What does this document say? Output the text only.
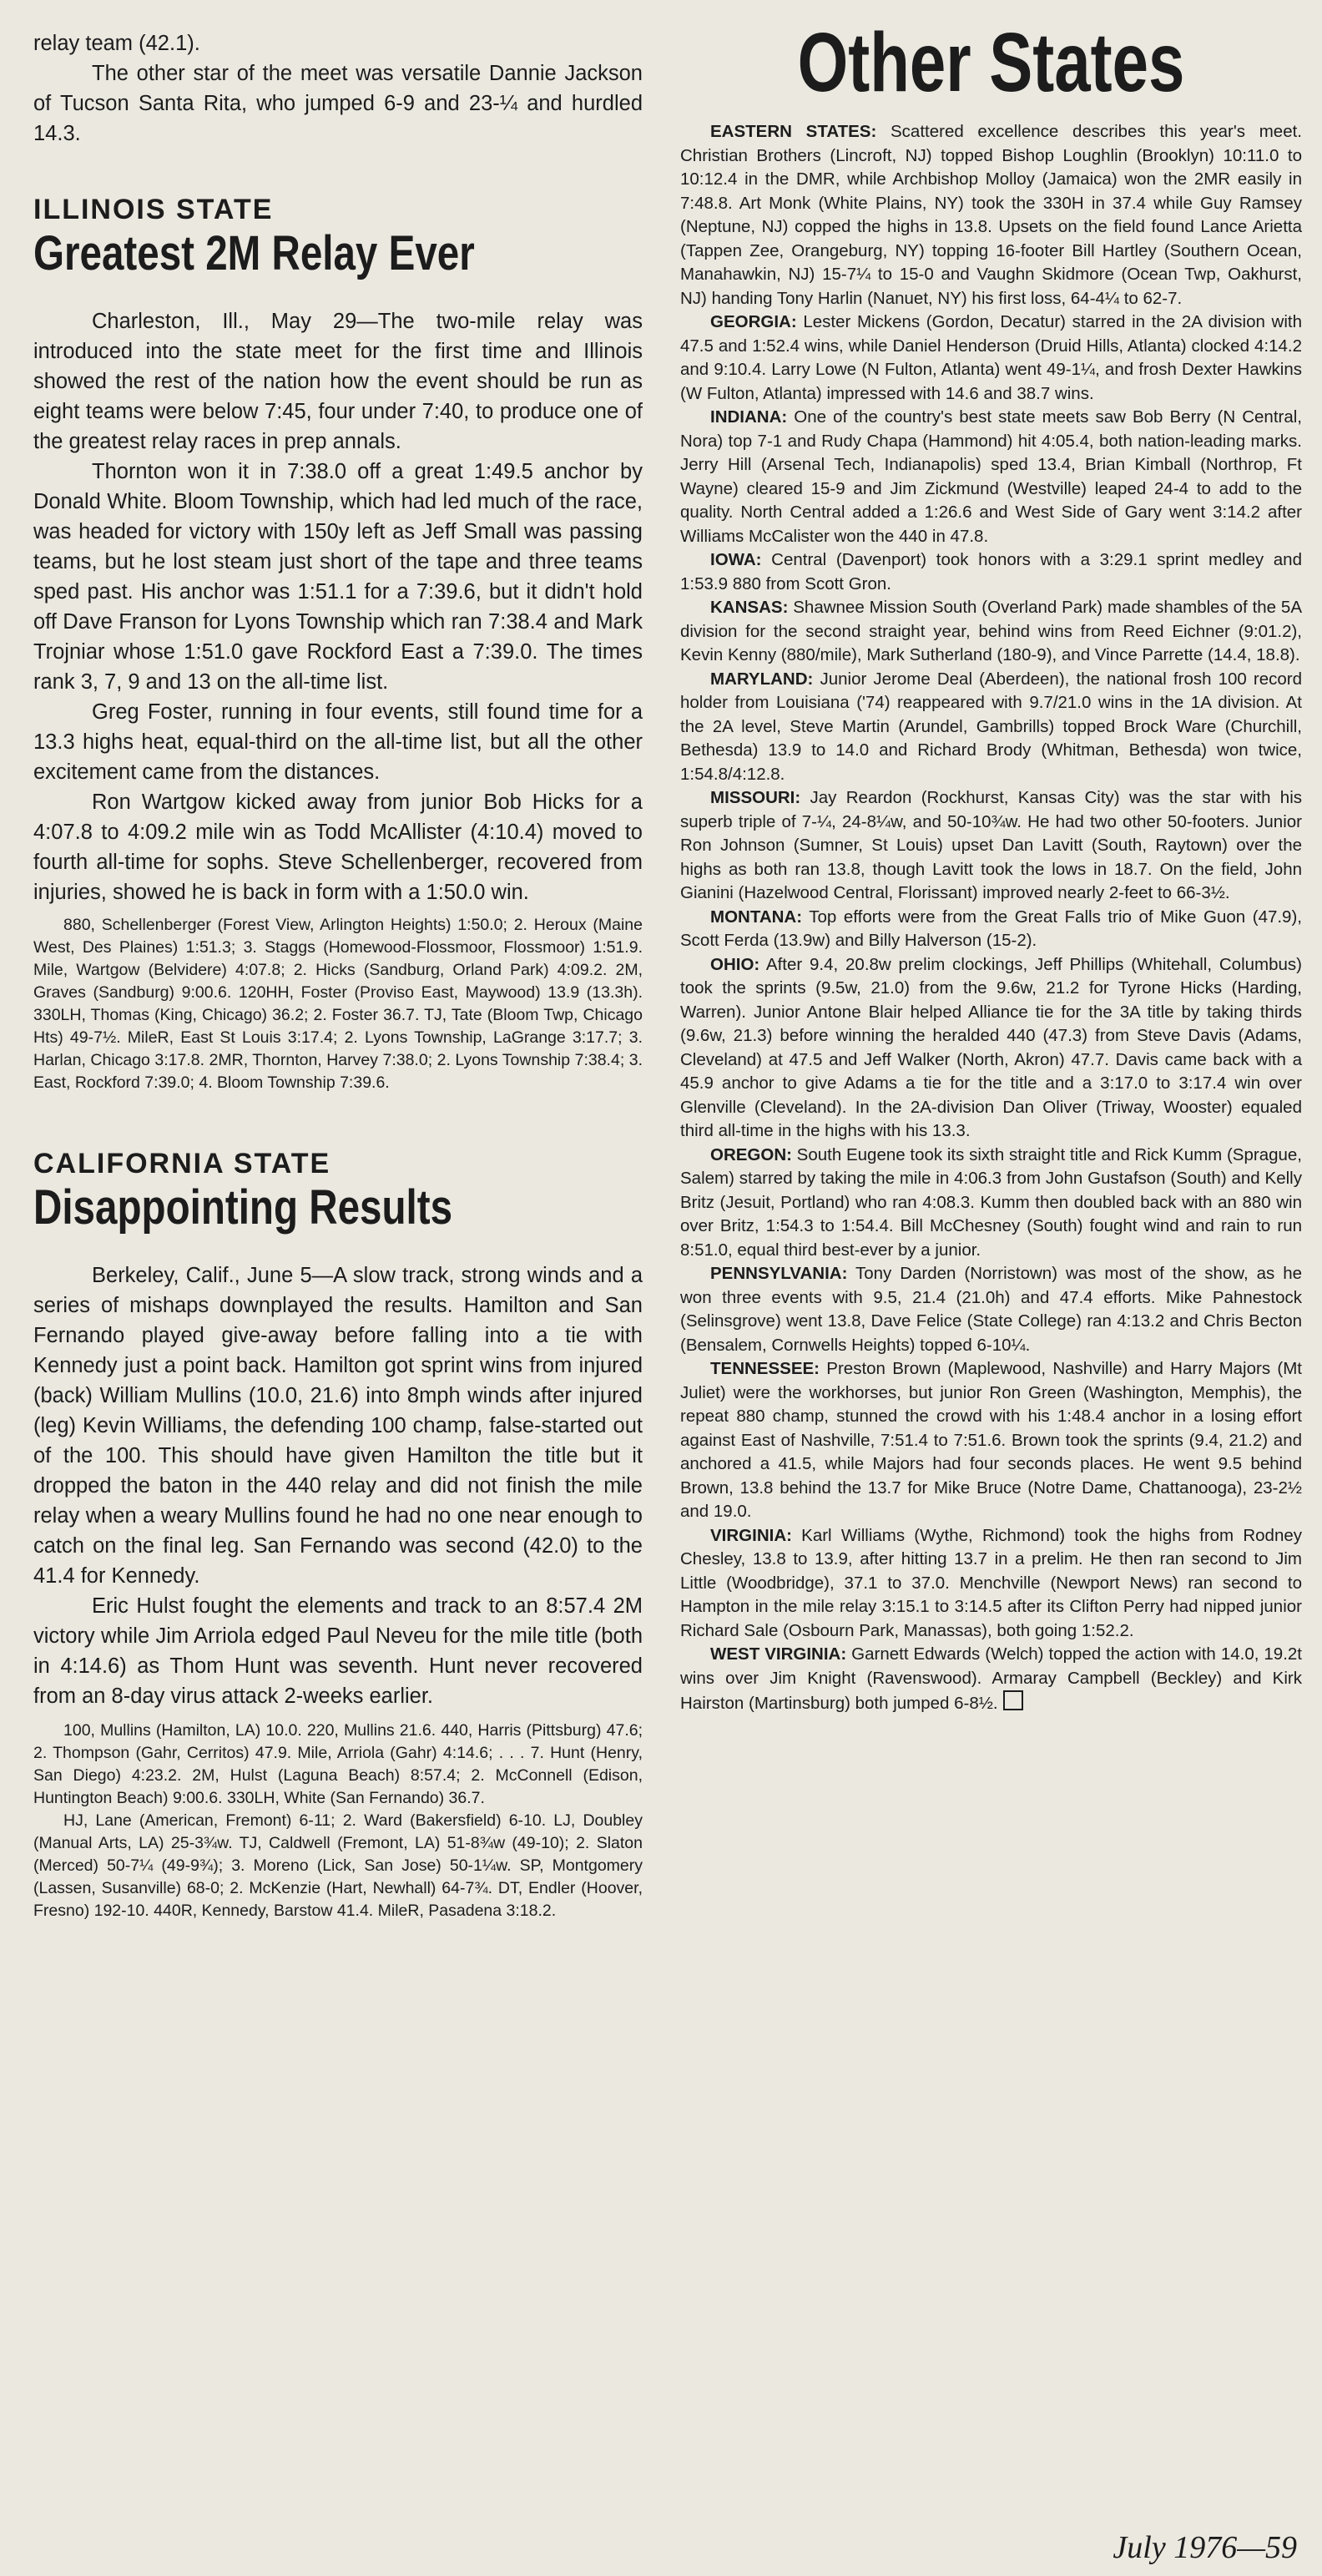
relay team (42.1).

The other star of the meet was versatile Dannie Jackson of Tucson Santa Rita, who jumped 6-9 and 23-¼ and hurdled 14.3.

ILLINOIS STATE

Greatest 2M Relay Ever

Charleston, Ill., May 29—The two-mile relay was introduced into the state meet for the first time and Illinois showed the rest of the nation how the event should be run as eight teams were below 7:45, four under 7:40, to produce one of the greatest relay races in prep annals.

Thornton won it in 7:38.0 off a great 1:49.5 anchor by Donald White. Bloom Township, which had led much of the race, was headed for victory with 150y left as Jeff Small was passing teams, but he lost steam just short of the tape and three teams sped past. His anchor was 1:51.1 for a 7:39.6, but it didn't hold off Dave Franson for Lyons Township which ran 7:38.4 and Mark Trojniar whose 1:51.0 gave Rockford East a 7:39.0. The times rank 3, 7, 9 and 13 on the all-time list.

Greg Foster, running in four events, still found time for a 13.3 highs heat, equal-third on the all-time list, but all the other excitement came from the distances.

Ron Wartgow kicked away from junior Bob Hicks for a 4:07.8 to 4:09.2 mile win as Todd McAllister (4:10.4) moved to fourth all-time for sophs. Steve Schellenberger, recovered from injuries, showed he is back in form with a 1:50.0 win.

880, Schellenberger (Forest View, Arlington Heights) 1:50.0; 2. Heroux (Maine West, Des Plaines) 1:51.3; 3. Staggs (Homewood-Flossmoor, Flossmoor) 1:51.9. Mile, Wartgow (Belvidere) 4:07.8; 2. Hicks (Sandburg, Orland Park) 4:09.2. 2M, Graves (Sandburg) 9:00.6. 120HH, Foster (Proviso East, Maywood) 13.9 (13.3h). 330LH, Thomas (King, Chicago) 36.2; 2. Foster 36.7. TJ, Tate (Bloom Twp, Chicago Hts) 49-7½. MileR, East St Louis 3:17.4; 2. Lyons Township, LaGrange 3:17.7; 3. Harlan, Chicago 3:17.8. 2MR, Thornton, Harvey 7:38.0; 2. Lyons Township 7:38.4; 3. East, Rockford 7:39.0; 4. Bloom Township 7:39.6.

CALIFORNIA STATE

Disappointing Results

Berkeley, Calif., June 5—A slow track, strong winds and a series of mishaps downplayed the results. Hamilton and San Fernando played give-away before falling into a tie with Kennedy just a point back. Hamilton got sprint wins from injured (back) William Mullins (10.0, 21.6) into 8mph winds after injured (leg) Kevin Williams, the defending 100 champ, false-started out of the 100. This should have given Hamilton the title but it dropped the baton in the 440 relay and did not finish the mile relay when a weary Mullins found he had no one near enough to catch on the final leg. San Fernando was second (42.0) to the 41.4 for Kennedy.

Eric Hulst fought the elements and track to an 8:57.4 2M victory while Jim Arriola edged Paul Neveu for the mile title (both in 4:14.6) as Thom Hunt was seventh. Hunt never recovered from an 8-day virus attack 2-weeks earlier.

100, Mullins (Hamilton, LA) 10.0. 220, Mullins 21.6. 440, Harris (Pittsburg) 47.6; 2. Thompson (Gahr, Cerritos) 47.9. Mile, Arriola (Gahr) 4:14.6; . . . 7. Hunt (Henry, San Diego) 4:23.2. 2M, Hulst (Laguna Beach) 8:57.4; 2. McConnell (Edison, Huntington Beach) 9:00.6. 330LH, White (San Fernando) 36.7.

HJ, Lane (American, Fremont) 6-11; 2. Ward (Bakersfield) 6-10. LJ, Doubley (Manual Arts, LA) 25-3¾w. TJ, Caldwell (Fremont, LA) 51-8¾w (49-10); 2. Slaton (Merced) 50-7¼ (49-9¾); 3. Moreno (Lick, San Jose) 50-1¼w. SP, Montgomery (Lassen, Susanville) 68-0; 2. McKenzie (Hart, Newhall) 64-7¾. DT, Endler (Hoover, Fresno) 192-10. 440R, Kennedy, Barstow 41.4. MileR, Pasadena 3:18.2.

Other States

EASTERN STATES: Scattered excellence describes this year's meet. Christian Brothers (Lincroft, NJ) topped Bishop Loughlin (Brooklyn) 10:11.0 to 10:12.4 in the DMR, while Archbishop Molloy (Jamaica) won the 2MR easily in 7:48.8. Art Monk (White Plains, NY) took the 330H in 37.4 while Guy Ramsey (Neptune, NJ) copped the highs in 13.8. Upsets on the field found Lance Arietta (Tappen Zee, Orangeburg, NY) topping 16-footer Bill Hartley (Southern Ocean, Manahawkin, NJ) 15-7¼ to 15-0 and Vaughn Skidmore (Ocean Twp, Oakhurst, NJ) handing Tony Harlin (Nanuet, NY) his first loss, 64-4¼ to 62-7.

GEORGIA: Lester Mickens (Gordon, Decatur) starred in the 2A division with 47.5 and 1:52.4 wins, while Daniel Henderson (Druid Hills, Atlanta) clocked 4:14.2 and 9:10.4. Larry Lowe (N Fulton, Atlanta) went 49-1¼, and frosh Dexter Hawkins (W Fulton, Atlanta) impressed with 14.6 and 38.7 wins.

INDIANA: One of the country's best state meets saw Bob Berry (N Central, Nora) top 7-1 and Rudy Chapa (Hammond) hit 4:05.4, both nation-leading marks. Jerry Hill (Arsenal Tech, Indianapolis) sped 13.4, Brian Kimball (Northrop, Ft Wayne) cleared 15-9 and Jim Zickmund (Westville) leaped 24-4 to add to the quality. North Central added a 1:26.6 and West Side of Gary went 3:14.2 after Williams McCalister won the 440 in 47.8.

IOWA: Central (Davenport) took honors with a 3:29.1 sprint medley and 1:53.9 880 from Scott Gron.

KANSAS: Shawnee Mission South (Overland Park) made shambles of the 5A division for the second straight year, behind wins from Reed Eichner (9:01.2), Kevin Kenny (880/mile), Mark Sutherland (180-9), and Vince Parrette (14.4, 18.8).

MARYLAND: Junior Jerome Deal (Aberdeen), the national frosh 100 record holder from Louisiana ('74) reappeared with 9.7/21.0 wins in the 1A division. At the 2A level, Steve Martin (Arundel, Gambrills) topped Brock Ware (Churchill, Bethesda) 13.9 to 14.0 and Richard Brody (Whitman, Bethesda) won twice, 1:54.8/4:12.8.

MISSOURI: Jay Reardon (Rockhurst, Kansas City) was the star with his superb triple of 7-¼, 24-8¼w, and 50-10¾w. He had two other 50-footers. Junior Ron Johnson (Sumner, St Louis) upset Dan Lavitt (South, Raytown) over the highs as both ran 13.8, though Lavitt took the lows in 18.7. On the field, John Gianini (Hazelwood Central, Florissant) improved nearly 2-feet to 66-3½.

MONTANA: Top efforts were from the Great Falls trio of Mike Guon (47.9), Scott Ferda (13.9w) and Billy Halverson (15-2).

OHIO: After 9.4, 20.8w prelim clockings, Jeff Phillips (Whitehall, Columbus) took the sprints (9.5w, 21.0) from the 9.6w, 21.2 for Tyrone Hicks (Harding, Warren). Junior Antone Blair helped Alliance tie for the 3A title by taking thirds (9.6w, 21.3) before winning the heralded 440 (47.3) from Steve Davis (Adams, Cleveland) at 47.5 and Jeff Walker (North, Akron) 47.7. Davis came back with a 45.9 anchor to give Adams a tie for the title and a 3:17.0 to 3:17.4 win over Glenville (Cleveland). In the 2A-division Dan Oliver (Triway, Wooster) equaled third all-time in the highs with his 13.3.

OREGON: South Eugene took its sixth straight title and Rick Kumm (Sprague, Salem) starred by taking the mile in 4:06.3 from John Gustafson (South) and Kelly Britz (Jesuit, Portland) who ran 4:08.3. Kumm then doubled back with an 880 win over Britz, 1:54.3 to 1:54.4. Bill McChesney (South) fought wind and rain to run 8:51.0, equal third best-ever by a junior.

PENNSYLVANIA: Tony Darden (Norristown) was most of the show, as he won three events with 9.5, 21.4 (21.0h) and 47.4 efforts. Mike Pahnestock (Selinsgrove) went 13.8, Dave Felice (State College) ran 4:13.2 and Chris Becton (Bensalem, Cornwells Heights) topped 6-10¼.

TENNESSEE: Preston Brown (Maplewood, Nashville) and Harry Majors (Mt Juliet) were the workhorses, but junior Ron Green (Washington, Memphis), the repeat 880 champ, stunned the crowd with his 1:48.4 anchor in a losing effort against East of Nashville, 7:51.4 to 7:51.6. Brown took the sprints (9.4, 21.2) and anchored a 41.5, while Majors had four seconds places. He went 9.5 behind Brown, 13.8 behind the 13.7 for Mike Bruce (Notre Dame, Chattanooga), 23-2½ and 19.0.

VIRGINIA: Karl Williams (Wythe, Richmond) took the highs from Rodney Chesley, 13.8 to 13.9, after hitting 13.7 in a prelim. He then ran second to Jim Little (Woodbridge), 37.1 to 37.0. Menchville (Newport News) ran second to Hampton in the mile relay 3:15.1 to 3:14.5 after its Clifton Perry had nipped junior Richard Sale (Osbourn Park, Manassas), both going 1:52.2.

WEST VIRGINIA: Garnett Edwards (Welch) topped the action with 14.0, 19.2t wins over Jim Knight (Ravenswood). Armaray Campbell (Beckley) and Kirk Hairston (Martinsburg) both jumped 6-8½.

July 1976—59
